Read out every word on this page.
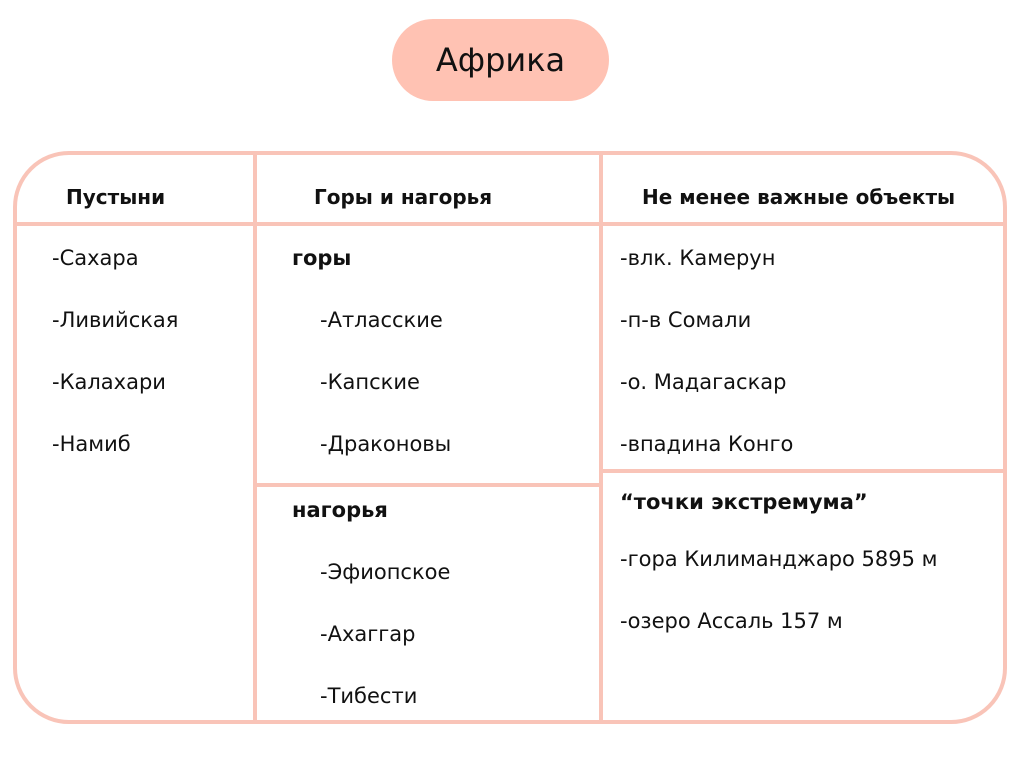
Африка
Пустыни	Горы и нагорья	Не менее важные объекты
-Сахара
-Ливийская
-Калахари
-Намиб
горы
-Атласские
-Капские
-Драконовы
нагорья
-Эфиопское
-Ахаггар
-Тибести
-влк. Камерун
-п-в Сомали
-о. Мадагаскар
-впадина Конго
“точки экстремума”
-гора Килиманджаро 5895 м
-озеро Ассаль 157 м
